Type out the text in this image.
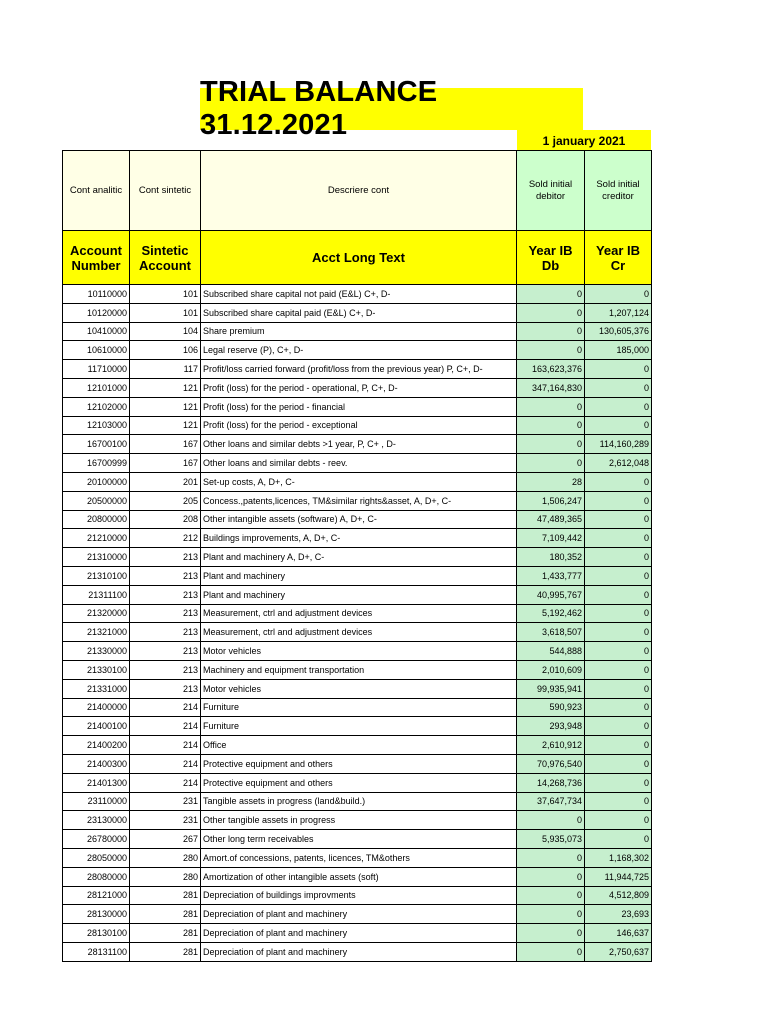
TRIAL BALANCE 31.12.2021	1 january 2021
Cont analitic	Cont sintetic	Descriere cont	Sold initial debitor	Sold initial creditor
Account Number	Sintetic Account	Acct Long Text	Year IB Db	Year IB Cr
10110000	101	Subscribed share capital not paid (E&L) C+, D-	0	0
10120000	101	Subscribed share capital paid (E&L) C+, D-	0	1,207,124
10410000	104	Share premium	0	130,605,376
10610000	106	Legal reserve (P), C+, D-	0	185,000
11710000	117	Profit/loss carried forward (profit/loss from the previous year) P, C+, D-	163,623,376	0
12101000	121	Profit (loss) for the period - operational, P, C+, D-	347,164,830	0
12102000	121	Profit (loss) for the period - financial	0	0
12103000	121	Profit (loss) for the period - exceptional	0	0
16700100	167	Other loans and similar debts >1 year, P, C+ , D-	0	114,160,289
16700999	167	Other loans and similar debts - reev.	0	2,612,048
20100000	201	Set-up costs, A, D+, C-	28	0
20500000	205	Concess.,patents,licences, TM&similar rights&asset, A, D+, C-	1,506,247	0
20800000	208	Other intangible assets (software) A, D+, C-	47,489,365	0
21210000	212	Buildings improvements, A, D+, C-	7,109,442	0
21310000	213	Plant and machinery A, D+, C-	180,352	0
21310100	213	Plant and machinery	1,433,777	0
21311100	213	Plant and machinery	40,995,767	0
21320000	213	Measurement, ctrl and adjustment devices	5,192,462	0
21321000	213	Measurement, ctrl and adjustment devices	3,618,507	0
21330000	213	Motor vehicles	544,888	0
21330100	213	Machinery and equipment transportation	2,010,609	0
21331000	213	Motor vehicles	99,935,941	0
21400000	214	Furniture	590,923	0
21400100	214	Furniture	293,948	0
21400200	214	Office	2,610,912	0
21400300	214	Protective equipment and others	70,976,540	0
21401300	214	Protective equipment and others	14,268,736	0
23110000	231	Tangible assets in progress (land&build.)	37,647,734	0
23130000	231	Other tangible assets in progress	0	0
26780000	267	Other long term receivables	5,935,073	0
28050000	280	Amort.of concessions, patents, licences, TM&others	0	1,168,302
28080000	280	Amortization of other intangible assets (soft)	0	11,944,725
28121000	281	Depreciation of buildings improvments	0	4,512,809
28130000	281	Depreciation of plant and machinery	0	23,693
28130100	281	Depreciation of plant and machinery	0	146,637
28131100	281	Depreciation of plant and machinery	0	2,750,637
